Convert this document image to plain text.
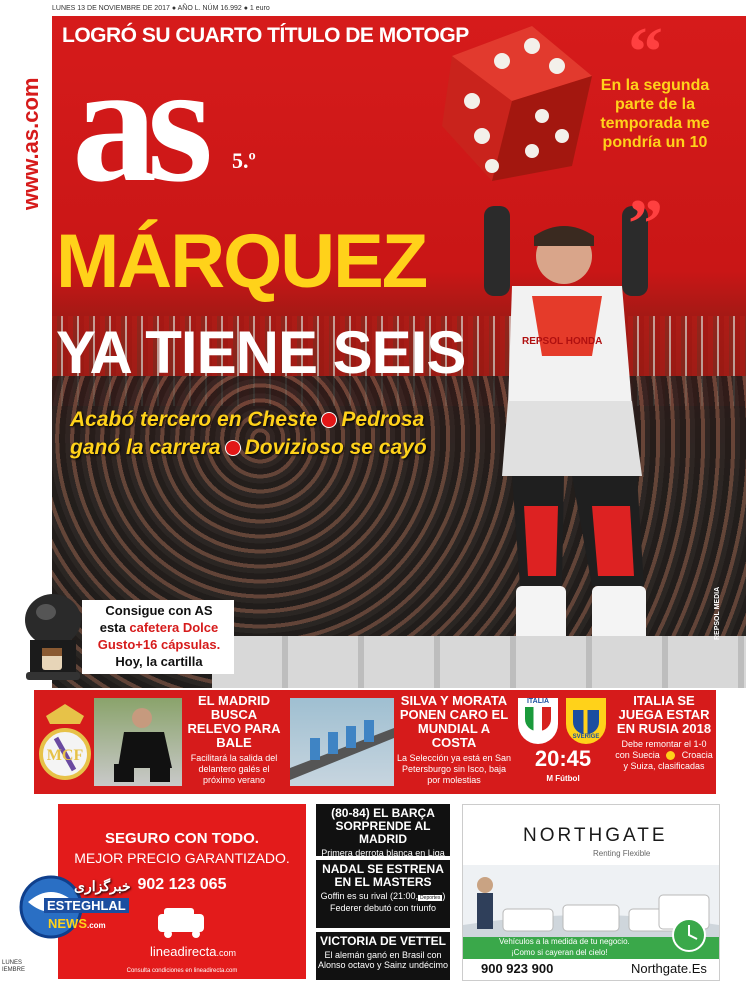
LUNES 13 DE NOVIEMBRE DE 2017 ● AÑO L. NÚM 16.992 ● 1 euro
www.as.com
REPSOL HONDA
LOGRÓ SU CUARTO TÍTULO DE MOTOGP
as 5.º
“
En la segunda parte de la temporada me pondría un 10
”
MÁRQUEZ
YA TIENE SEIS
Acabó tercero en Cheste Pedrosa
ganó la carrera Dovizioso se cayó
REPSOL MEDIA
Consigue con AS
esta cafetera Dolce
Gusto+16 cápsulas.
Hoy, la cartilla
MCF
EL MADRID BUSCA RELEVO PARA BALE
Facilitará la salida del delantero galés el próximo verano
SILVA Y MORATA PONEN CARO EL MUNDIAL A COSTA
La Selección ya está en San Petersburgo sin Isco, baja por molestias
ITALIA
SVERIGE
20:45
M Fútbol
ITALIA SE JUEGA ESTAR EN RUSIA 2018
Debe remontar el 1-0 con Suecia Croacia y Suiza, clasificadas
SEGURO CON TODO.
MEJOR PRECIO GARANTIZADO.
902 123 065
lineadirecta.com
Consulta condiciones en lineadirecta.com
(80-84) EL BARÇA SORPRENDE AL MADRID
Primera derrota blanca en Liga
NADAL SE ESTRENA EN EL MASTERS
Goffin es su rival (21:00, Deportes )
Federer debutó con triunfo
VICTORIA DE VETTEL
El alemán ganó en Brasil con Alonso octavo y Sainz undécimo
NORTHGATE
Renting Flexible
Vehículos a la medida de tu negocio.
¡Como si cayeran del cielo!
900 923 900	Northgate.Es
LUNES
IEMBRE
خبرگزاری
ESTEGHLAL
NEWS.com
